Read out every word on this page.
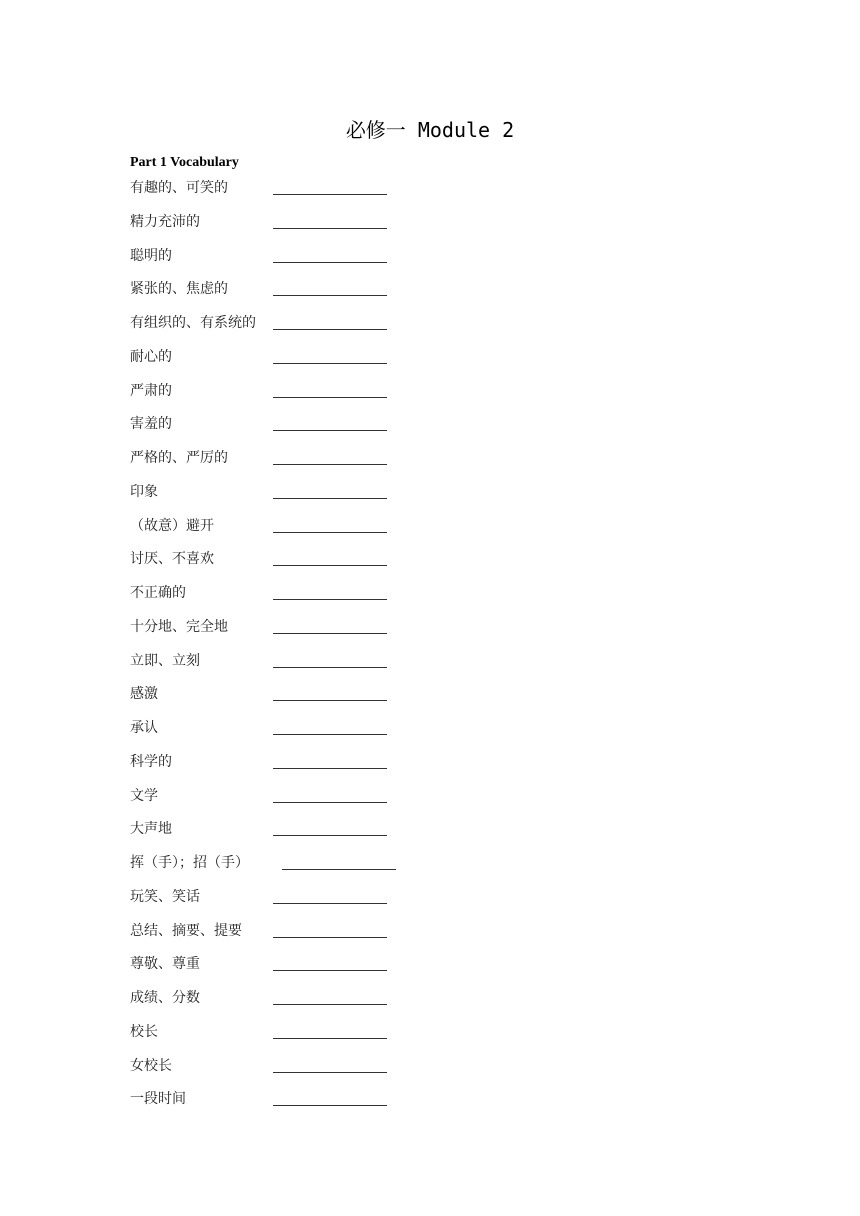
必修一 Module 2
Part 1 Vocabulary
有趣的、可笑的
精力充沛的
聪明的
紧张的、焦虑的
有组织的、有系统的
耐心的
严肃的
害羞的
严格的、严厉的
印象
（故意）避开
讨厌、不喜欢
不正确的
十分地、完全地
立即、立刻
感激
承认
科学的
文学
大声地
挥（手）；招（手）
玩笑、笑话
总结、摘要、提要
尊敬、尊重
成绩、分数
校长
女校长
一段时间
